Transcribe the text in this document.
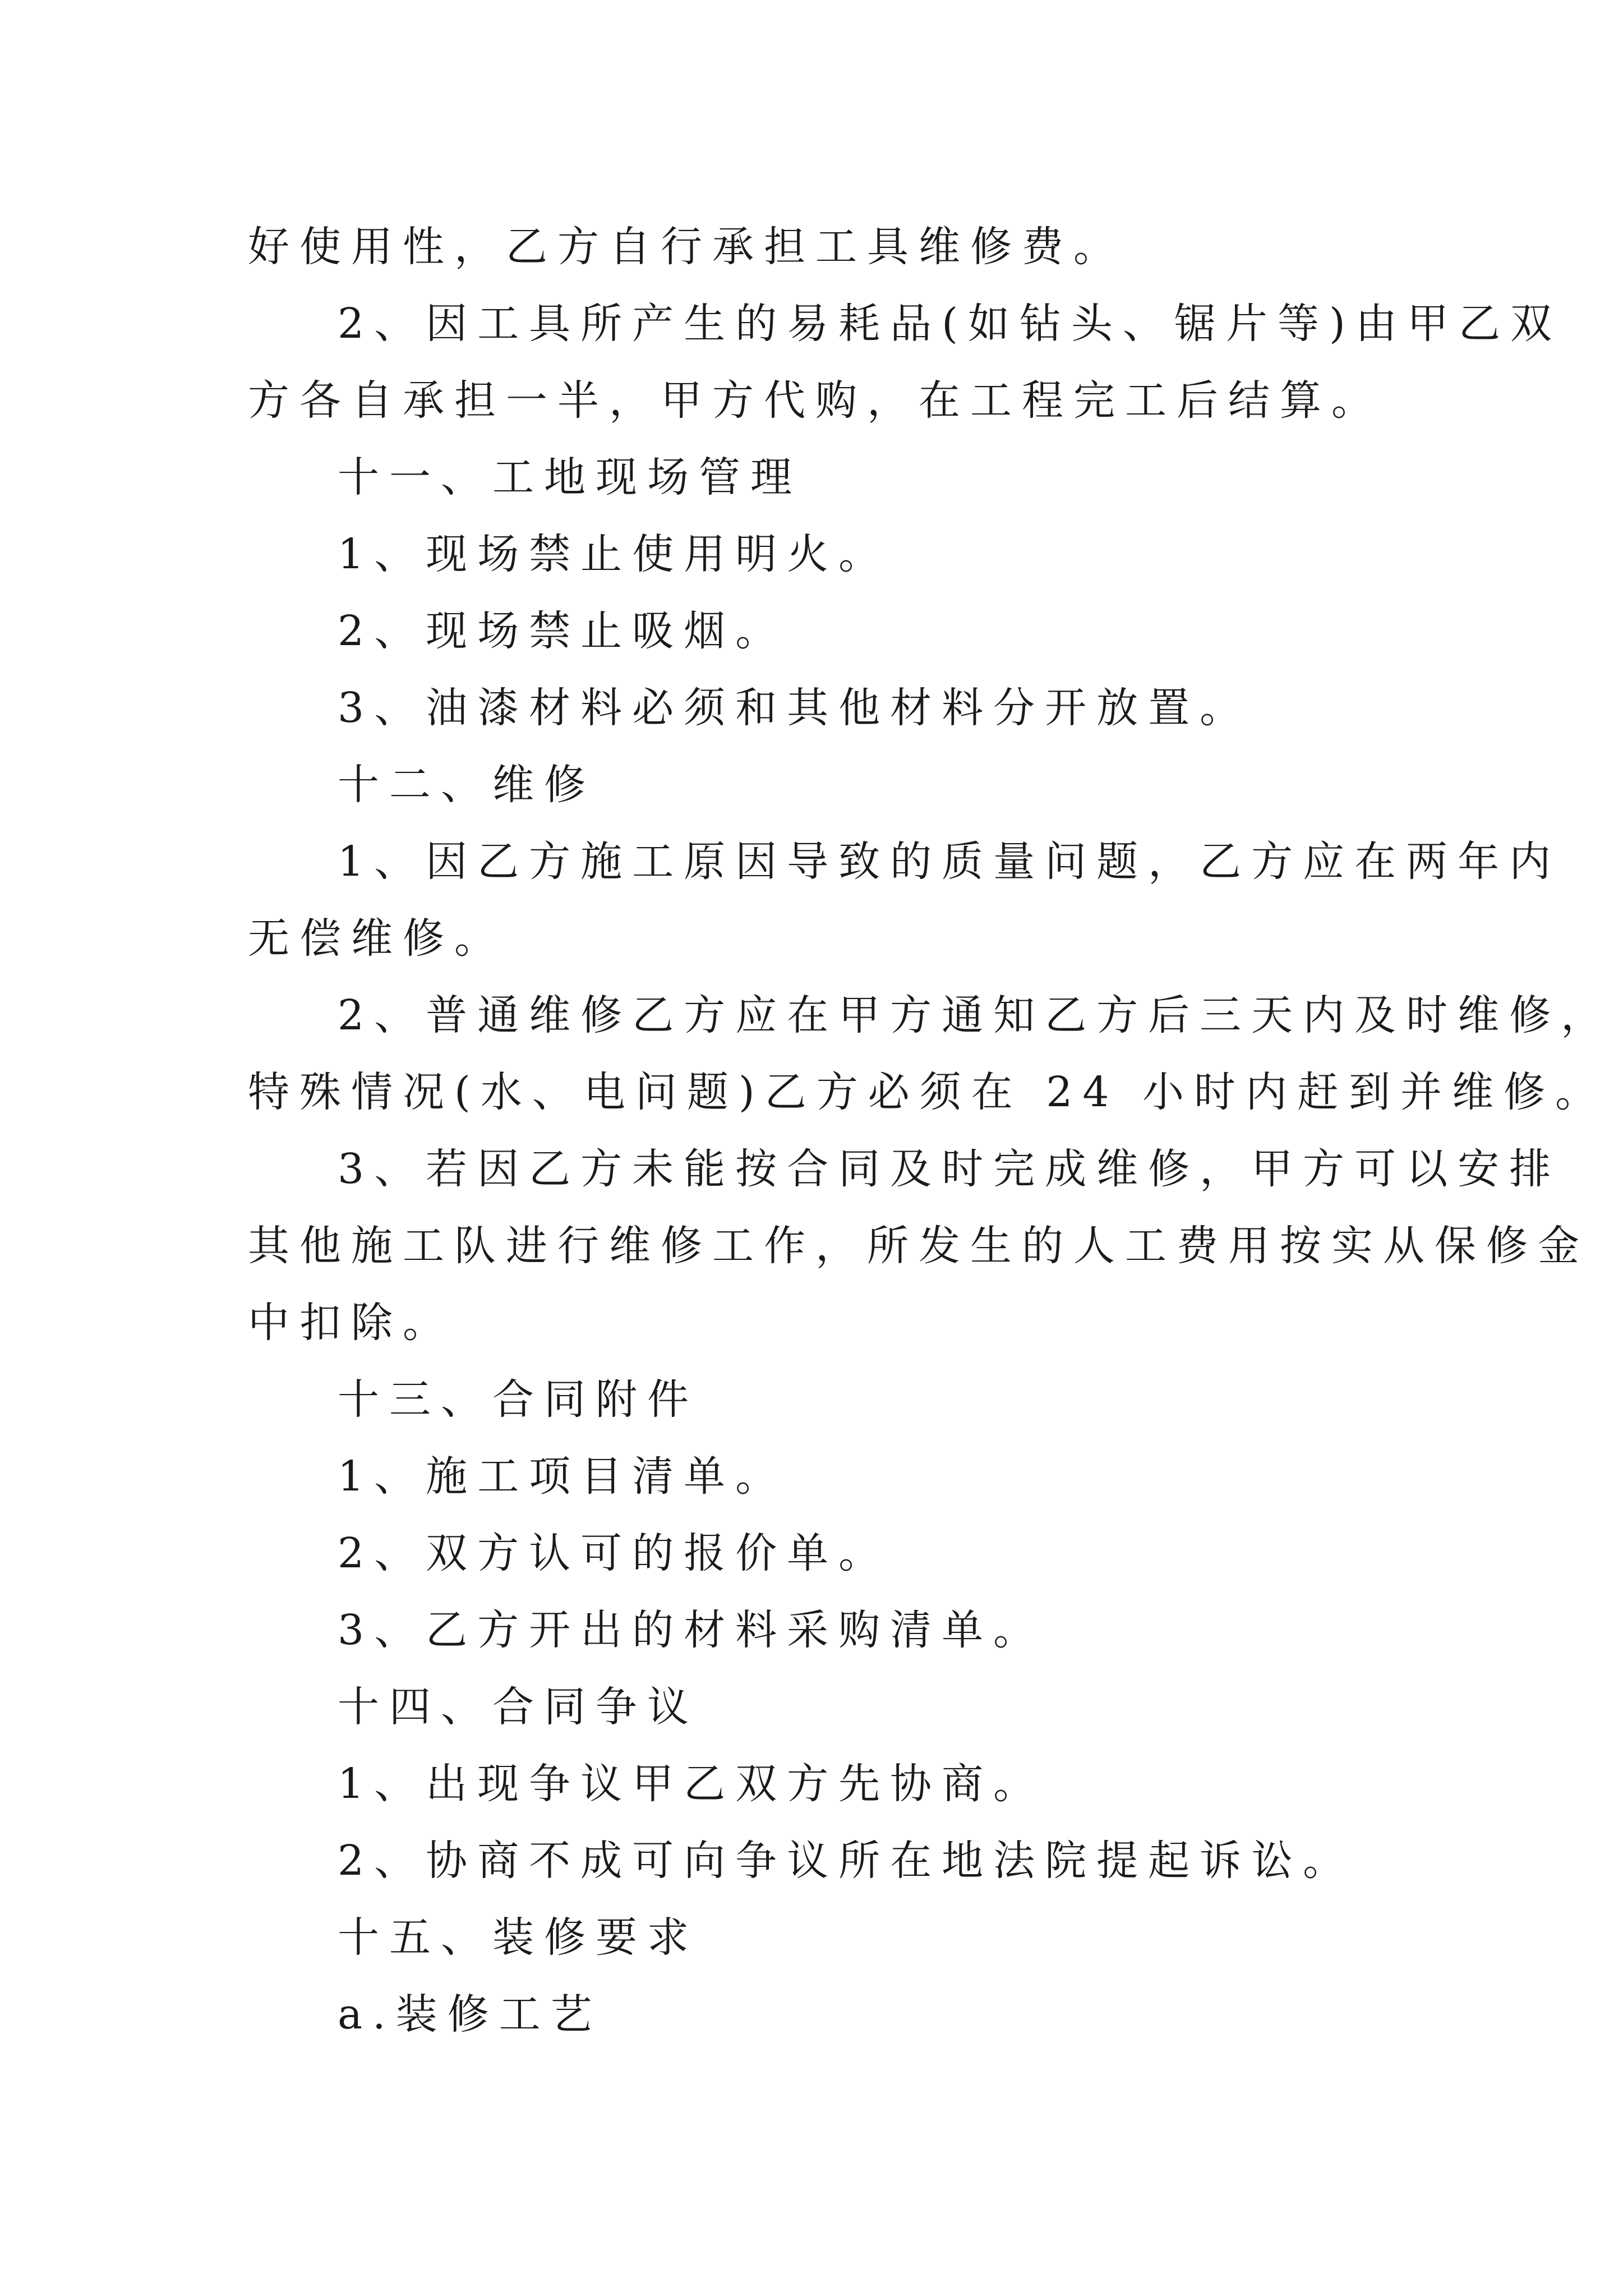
好使用性，乙方自行承担工具维修费。

2、因工具所产生的易耗品(如钻头、锯片等)由甲乙双

方各自承担一半，甲方代购，在工程完工后结算。

十一、工地现场管理

1、现场禁止使用明火。

2、现场禁止吸烟。

3、油漆材料必须和其他材料分开放置。

十二、维修

1、因乙方施工原因导致的质量问题，乙方应在两年内

无偿维修。

2、普通维修乙方应在甲方通知乙方后三天内及时维修，

特殊情况(水、电问题)乙方必须在 24 小时内赶到并维修。

3、若因乙方未能按合同及时完成维修，甲方可以安排

其他施工队进行维修工作，所发生的人工费用按实从保修金

中扣除。

十三、合同附件

1、施工项目清单。

2、双方认可的报价单。

3、乙方开出的材料采购清单。

十四、合同争议

1、出现争议甲乙双方先协商。

2、协商不成可向争议所在地法院提起诉讼。

十五、装修要求

a.装修工艺
